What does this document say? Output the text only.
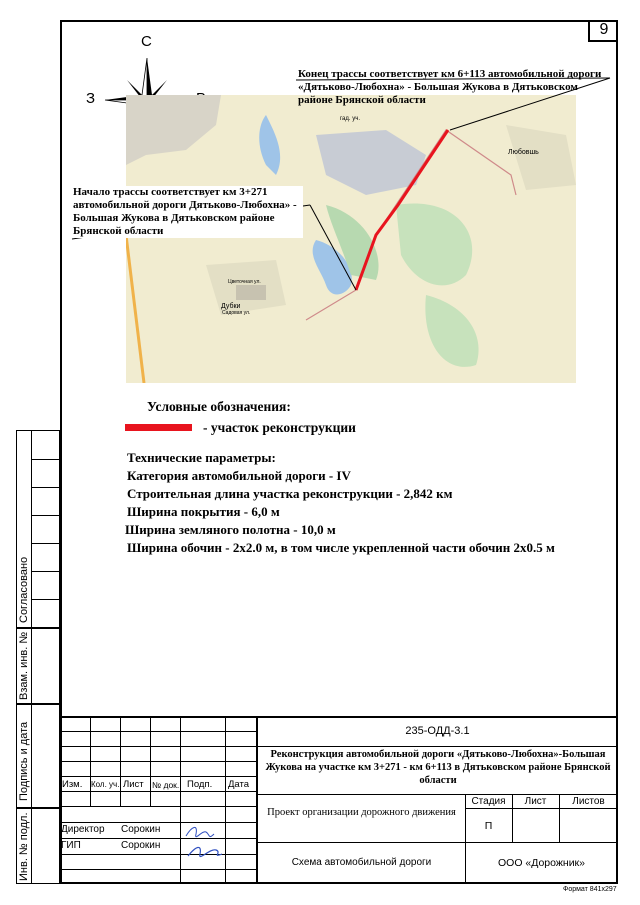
9
С
З
Дубки
Любовшь
гад. уч.
Цветочная ул.
Садовая ул.
Конец трассы соответствует км 6+113 автомобильной дороги «Дятьково-Любохна» - Большая Жукова в Дятьковском районе Брянской области
Начало трассы соответствует км 3+271 автомобильной дороги Дятьково-Любохна» - Большая Жукова в Дятьковском районе Брянской области
Условные обозначения:
- участок реконструкции
Технические параметры:
Категория автомобильной дороги - IV
Строительная длина участка реконструкции - 2,842 км
Ширина покрытия - 6,0 м
Ширина земляного полотна - 10,0 м
Ширина обочин - 2х2.0 м, в том числе укрепленной части обочин 2х0.5 м
Согласовано
Взам. инв. №
Подпись и дата
Инв. № подл.
Изм. Кол. уч. Лист № док. Подп. Дата
Директор Сорокин
ГИП	Сорокин
235-ОДД-3.1
Реконструкция автомобильной дороги «Дятьково-Любохна»-Большая Жукова на участке км 3+271 - км 6+113 в Дятьковском районе Брянской области
Проект организации дорожного движения
Стадия	Лист	Листов
П
Схема автомобильной дороги	ООО «Дорожник»
Формат 841х297
